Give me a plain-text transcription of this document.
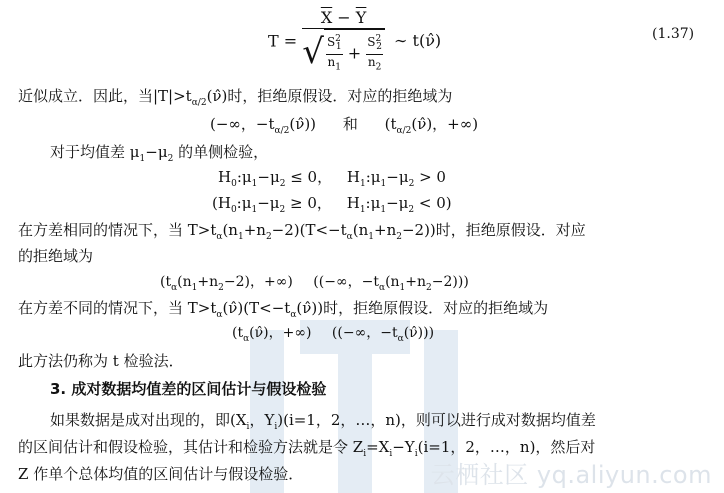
云栖社区 yq.aliyun.com
T =
$\overline{X} - \overline{Y}$
√ $\frac{S^2_1}{n_1} + \frac{S^2_2}{n_2}$ ∼ t(ν̂)	(1.37)
近似成立．因此，当$|T|>t_{\alpha/2}(\nû)$时，拒绝原假设．对应的拒绝域为
(−∞，$-t_{\alpha/2}(\nû)$) 和 ($t_{\alpha/2}(\nû)$，+∞)
对于均值差 $\mu_1-\mu_2$ 的单侧检验，
$H_0:\mu_1-\mu_2 \le 0$， $H_1:\mu_1-\mu_2 > 0$
($H_0:\mu_1-\mu_2 \ge 0$， $H_1:\mu_1-\mu_2 < 0$)
在方差相同的情况下，当 $T>t_\alpha(n_1+n_2-2)(T<-t_\alpha(n_1+n_2-2))$时，拒绝原假设．对应
的拒绝域为
($t_\alpha(n_1+n_2-2)$，+∞) ((−∞，$-t_\alpha(n_1+n_2-2)$))
在方差不同的情况下，当 $T>t_\alpha(\nû)(T<-t_\alpha(\nû))$时，拒绝原假设．对应的拒绝域为
($t_\alpha(\nû)$，+∞) ((−∞，$-t_\alpha(\nû)$))
此方法仍称为 t 检验法．
3. 成对数据均值差的区间估计与假设检验
如果数据是成对出现的，即($X_i$，$Y_i)(i=1$，2，…，n)，则可以进行成对数据均值差
的区间估计和假设检验，其估计和检验方法就是令 $Z_i=X_i-Y_i(i=1$，2，…，n)，然后对
Z 作单个总体均值的区间估计与假设检验．
